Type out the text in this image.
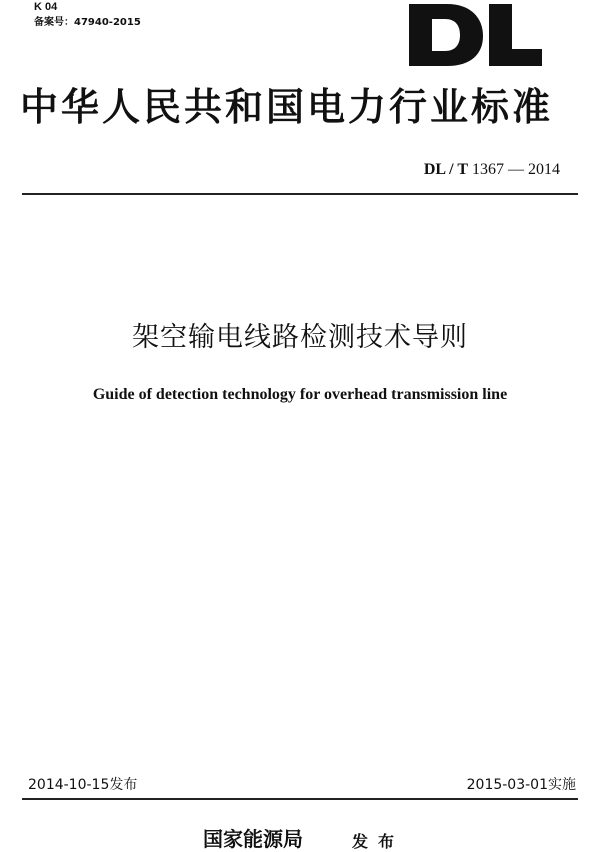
K 04
备案号：47940-2015
中华人民共和国电力行业标准
DL / T 1367 — 2014
架空输电线路检测技术导则
Guide of detection technology for overhead transmission line
2014-10-15发布	2015-03-01实施
国家能源局	发布
